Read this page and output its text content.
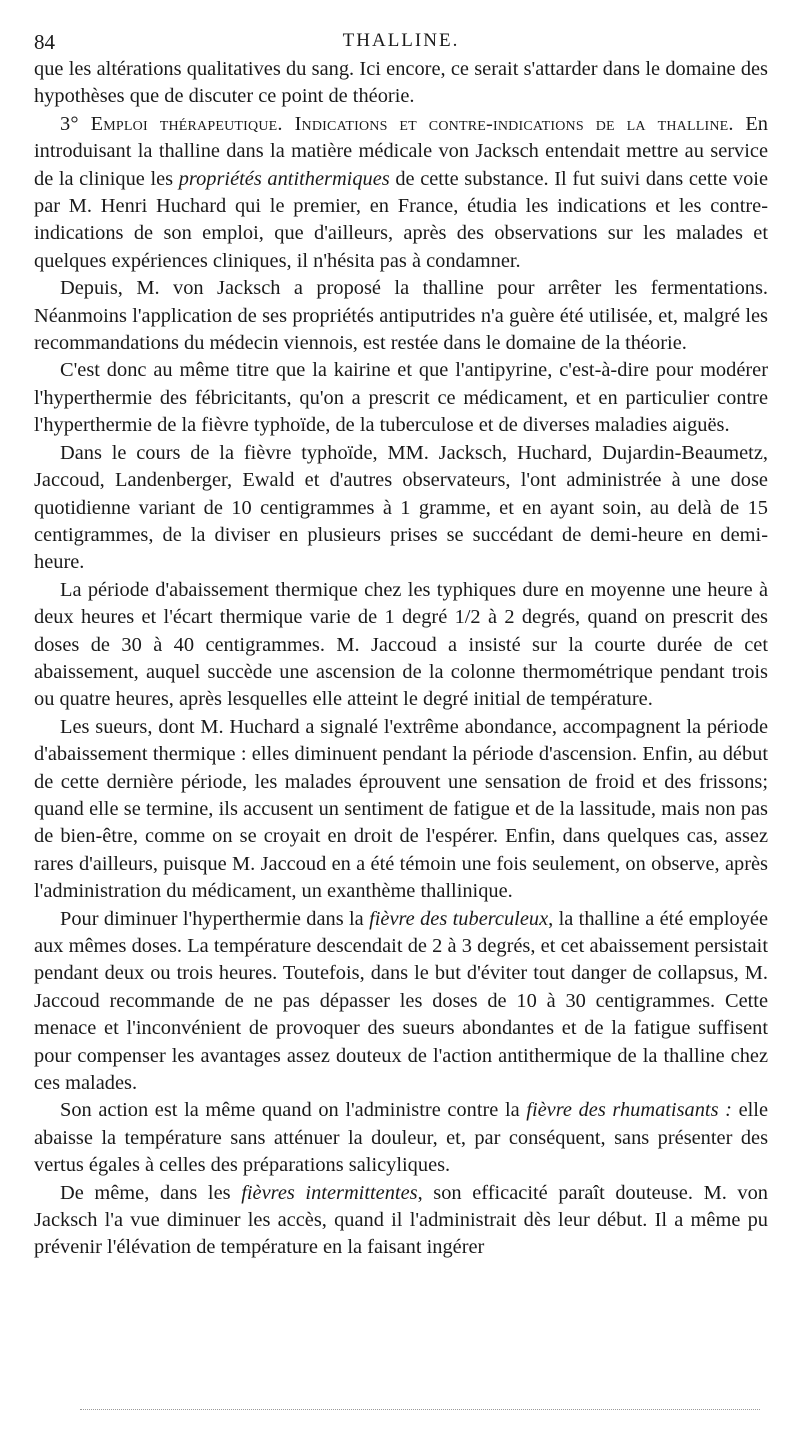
84	THALLINE.

que les altérations qualitatives du sang. Ici encore, ce serait s'attarder dans le domaine des hypothèses que de discuter ce point de théorie.

3° Emploi thérapeutique. Indications et contre-indications de la thalline. En introduisant la thalline dans la matière médicale von Jacksch entendait mettre au service de la clinique les propriétés antithermiques de cette substance. Il fut suivi dans cette voie par M. Henri Huchard qui le premier, en France, étudia les indications et les contre-indications de son emploi, que d'ailleurs, après des observations sur les malades et quelques expériences cliniques, il n'hésita pas à condamner.

Depuis, M. von Jacksch a proposé la thalline pour arrêter les fermentations. Néanmoins l'application de ses propriétés antiputrides n'a guère été utilisée, et, malgré les recommandations du médecin viennois, est restée dans le domaine de la théorie.

C'est donc au même titre que la kairine et que l'antipyrine, c'est-à-dire pour modérer l'hyperthermie des fébricitants, qu'on a prescrit ce médicament, et en particulier contre l'hyperthermie de la fièvre typhoïde, de la tuberculose et de diverses maladies aiguës.

Dans le cours de la fièvre typhoïde, MM. Jacksch, Huchard, Dujardin-Beaumetz, Jaccoud, Landenberger, Ewald et d'autres observateurs, l'ont administrée à une dose quotidienne variant de 10 centigrammes à 1 gramme, et en ayant soin, au delà de 15 centigrammes, de la diviser en plusieurs prises se succédant de demi-heure en demi-heure.

La période d'abaissement thermique chez les typhiques dure en moyenne une heure à deux heures et l'écart thermique varie de 1 degré 1/2 à 2 degrés, quand on prescrit des doses de 30 à 40 centigrammes. M. Jaccoud a insisté sur la courte durée de cet abaissement, auquel succède une ascension de la colonne thermométrique pendant trois ou quatre heures, après lesquelles elle atteint le degré initial de température.

Les sueurs, dont M. Huchard a signalé l'extrême abondance, accompagnent la période d'abaissement thermique : elles diminuent pendant la période d'ascension. Enfin, au début de cette dernière période, les malades éprouvent une sensation de froid et des frissons; quand elle se termine, ils accusent un sentiment de fatigue et de la lassitude, mais non pas de bien-être, comme on se croyait en droit de l'espérer. Enfin, dans quelques cas, assez rares d'ailleurs, puisque M. Jaccoud en a été témoin une fois seulement, on observe, après l'administration du médicament, un exanthème thallinique.

Pour diminuer l'hyperthermie dans la fièvre des tuberculeux, la thalline a été employée aux mêmes doses. La température descendait de 2 à 3 degrés, et cet abaissement persistait pendant deux ou trois heures. Toutefois, dans le but d'éviter tout danger de collapsus, M. Jaccoud recommande de ne pas dépasser les doses de 10 à 30 centigrammes. Cette menace et l'inconvénient de provoquer des sueurs abondantes et de la fatigue suffisent pour compenser les avantages assez douteux de l'action antithermique de la thalline chez ces malades.

Son action est la même quand on l'administre contre la fièvre des rhumatisants : elle abaisse la température sans atténuer la douleur, et, par conséquent, sans présenter des vertus égales à celles des préparations salicyliques.

De même, dans les fièvres intermittentes, son efficacité paraît douteuse. M. von Jacksch l'a vue diminuer les accès, quand il l'administrait dès leur début. Il a même pu prévenir l'élévation de température en la faisant ingérer
